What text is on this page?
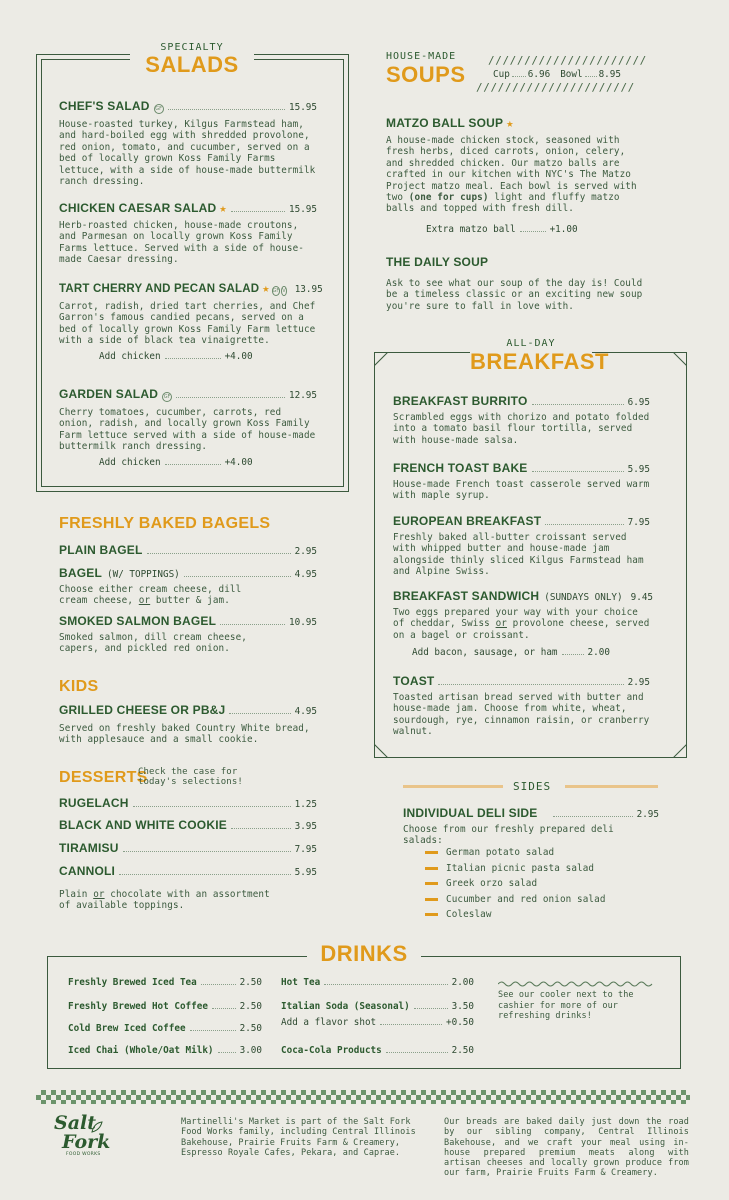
SPECIALTY
SALADS
CHEF'S SALAD	GF	15.95
House-roasted turkey, Kilgus Farmstead ham, and hard-boiled egg with shredded provolone, red onion, tomato, and cucumber, served on a bed of locally grown Koss Family Farms lettuce, with a side of house-made buttermilk ranch dressing.
CHICKEN CAESAR SALAD ★	15.95
Herb-roasted chicken, house-made croutons, and Parmesan on locally grown Koss Family Farms lettuce. Served with a side of house-made Caesar dressing.
TART CHERRY AND PECAN SALAD ★ GF V 13.95
Carrot, radish, dried tart cherries, and Chef Garron's famous candied pecans, served on a bed of locally grown Koss Family Farm lettuce with a side of black tea vinaigrette.
Add chicken	+4.00
GARDEN SALAD	GF	12.95
Cherry tomatoes, cucumber, carrots, red onion, radish, and locally grown Koss Family Farm lettuce served with a side of house-made buttermilk ranch dressing.
Add chicken	+4.00
FRESHLY BAKED BAGELS
PLAIN BAGEL	2.95
BAGEL (W/ TOPPINGS)	4.95
Choose either cream cheese, dill cream cheese, or butter & jam.
SMOKED SALMON BAGEL	10.95
Smoked salmon, dill cream cheese, capers, and pickled red onion.
KIDS
GRILLED CHEESE OR PB&J	4.95
Served on freshly baked Country White bread, with applesauce and a small cookie.
DESSERTS
Check the case for today's selections!
RUGELACH	1.25
BLACK AND WHITE COOKIE	3.95
TIRAMISU	7.95
CANNOLI	5.95
Plain or chocolate with an assortment of available toppings.
HOUSE-MADE
SOUPS
//////////////////////
Cup 6.96 Bowl 8.95
//////////////////////
MATZO BALL SOUP ★
A house-made chicken stock, seasoned with fresh herbs, diced carrots, onion, celery, and shredded chicken. Our matzo balls are crafted in our kitchen with NYC's The Matzo Project matzo meal. Each bowl is served with two (one for cups) light and fluffy matzo balls and topped with fresh dill.
Extra matzo ball	+1.00
THE DAILY SOUP
Ask to see what our soup of the day is! Could be a timeless classic or an exciting new soup you're sure to fall in love with.
ALL-DAY
BREAKFAST
BREAKFAST BURRITO	6.95
Scrambled eggs with chorizo and potato folded into a tomato basil flour tortilla, served with house-made salsa.
FRENCH TOAST BAKE	5.95
House-made French toast casserole served warm with maple syrup.
EUROPEAN BREAKFAST	7.95
Freshly baked all-butter croissant served with whipped butter and house-made jam alongside thinly sliced Kilgus Farmstead ham and Alpine Swiss.
BREAKFAST SANDWICH (SUNDAYS ONLY) 9.45
Two eggs prepared your way with your choice of cheddar, Swiss or provolone cheese, served on a bagel or croissant.
Add bacon, sausage, or ham	2.00
TOAST	2.95
Toasted artisan bread served with butter and house-made jam. Choose from white, wheat, sourdough, rye, cinnamon raisin, or cranberry walnut.
SIDES
INDIVIDUAL DELI SIDE	2.95
Choose from our freshly prepared deli salads:
German potato salad
Italian picnic pasta salad
Greek orzo salad
Cucumber and red onion salad
Coleslaw
DRINKS
Freshly Brewed Iced Tea	2.50
Freshly Brewed Hot Coffee	2.50
Cold Brew Iced Coffee	2.50
Iced Chai (Whole/Oat Milk)	3.00
Hot Tea	2.00
Italian Soda (Seasonal)	3.50
Add a flavor shot	+0.50
Coca-Cola Products	2.50
See our cooler next to the cashier for more of our refreshing drinks!
Salt
Fork
FOOD WORKS
Martinelli's Market is part of the Salt Fork Food Works family, including Central Illinois Bakehouse, Prairie Fruits Farm & Creamery, Espresso Royale Cafes, Pekara, and Caprae.
Our breads are baked daily just down the road by our sibling company, Central Illinois Bakehouse, and we craft your meal using in-house prepared premium meats along with artisan cheeses and locally grown produce from our farm, Prairie Fruits Farm & Creamery.
